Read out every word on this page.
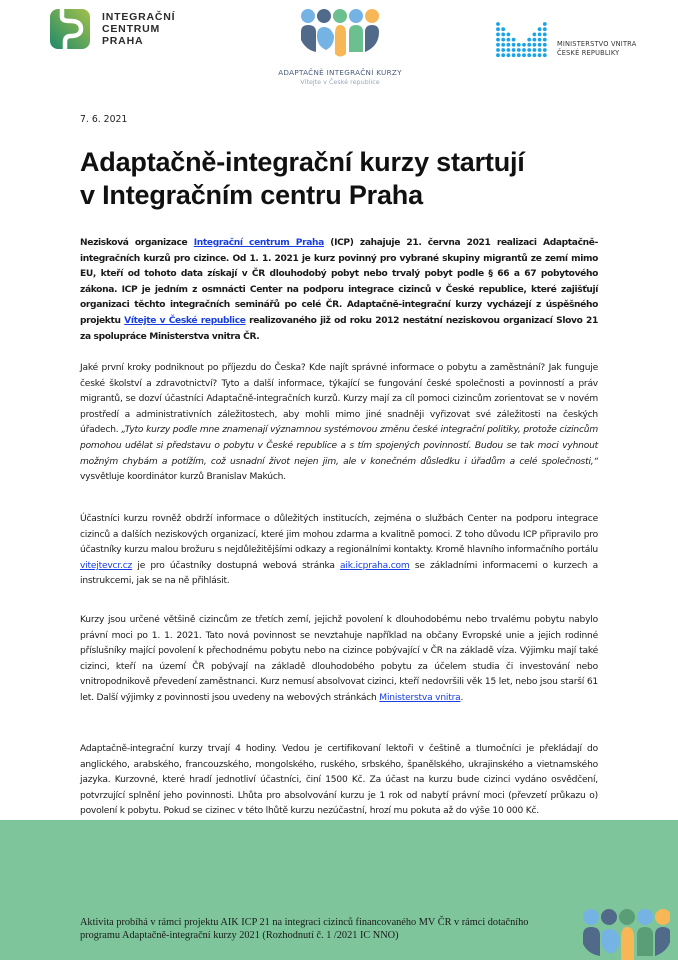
INTEGRAČNÍ
CENTRUM
PRAHA
ADAPTAČNĚ INTEGRAČNÍ KURZY
Vítejte v České republice
MINISTERSTVO VNITRA
ČESKÉ REPUBLIKY
7. 6. 2021
Adaptačně-integrační kurzy startují
v Integračním centru Praha

Nezisková organizace Integrační centrum Praha (ICP) zahajuje 21. června 2021 realizaci Adaptačně-integračních kurzů pro cizince. Od 1. 1. 2021 je kurz povinný pro vybrané skupiny migrantů ze zemí mimo EU, kteří od tohoto data získají v ČR dlouhodobý pobyt nebo trvalý pobyt podle § 66 a 67 pobytového zákona. ICP je jedním z osmnácti Center na podporu integrace cizinců v České republice, které zajišťují organizaci těchto integračních seminářů po celé ČR. Adaptačně-integrační kurzy vycházejí z úspěšného projektu Vítejte v České republice realizovaného již od roku 2012 nestátní neziskovou organizací Slovo 21 za spolupráce Ministerstva vnitra ČR.

Jaké první kroky podniknout po příjezdu do Česka? Kde najít správné informace o pobytu a zaměstnání? Jak funguje české školství a zdravotnictví? Tyto a další informace, týkající se fungování české společnosti a povinností a práv migrantů, se dozví účastníci Adaptačně-integračních kurzů. Kurzy mají za cíl pomoci cizincům zorientovat se v novém prostředí a administrativních záležitostech, aby mohli mimo jiné snadněji vyřizovat své záležitosti na českých úřadech. „Tyto kurzy podle mne znamenají významnou systémovou změnu české integrační politiky, protože cizincům pomohou udělat si představu o pobytu v České republice a s tím spojených povinností. Budou se tak moci vyhnout možným chybám a potížím, což usnadní život nejen jim, ale v konečném důsledku i úřadům a celé společnosti,“ vysvětluje koordinátor kurzů Branislav Makúch.

Účastníci kurzu rovněž obdrží informace o důležitých institucích, zejména o službách Center na podporu integrace cizinců a dalších neziskových organizací, které jim mohou zdarma a kvalitně pomoci. Z toho důvodu ICP připravilo pro účastníky kurzu malou brožuru s nejdůležitějšími odkazy a regionálními kontakty. Kromě hlavního informačního portálu vitejtevcr.cz je pro účastníky dostupná webová stránka aik.icpraha.com se základními informacemi o kurzech a instrukcemi, jak se na ně přihlásit.

Kurzy jsou určené většině cizincům ze třetích zemí, jejichž povolení k dlouhodobému nebo trvalému pobytu nabylo právní moci po 1. 1. 2021. Tato nová povinnost se nevztahuje například na občany Evropské unie a jejich rodinné příslušníky mající povolení k přechodnému pobytu nebo na cizince pobývající v ČR na základě víza. Výjimku mají také cizinci, kteří na území ČR pobývají na základě dlouhodobého pobytu za účelem studia či investování nebo vnitropodnikově převedení zaměstnanci. Kurz nemusí absolvovat cizinci, kteří nedovršili věk 15 let, nebo jsou starší 61 let. Další výjimky z povinnosti jsou uvedeny na webových stránkách Ministerstva vnitra.

Adaptačně-integrační kurzy trvají 4 hodiny. Vedou je certifikovaní lektoři v češtině a tlumočníci je překládají do anglického, arabského, francouzského, mongolského, ruského, srbského, španělského, ukrajinského a vietnamského jazyka. Kurzovné, které hradí jednotliví účastníci, činí 1500 Kč. Za účast na kurzu bude cizinci vydáno osvědčení, potvrzující splnění jeho povinnosti. Lhůta pro absolvování kurzu je 1 rok od nabytí právní moci (převzetí průkazu o) povolení k pobytu. Pokud se cizinec v této lhůtě kurzu nezúčastní, hrozí mu pokuta až do výše 10 000 Kč.

Aktivita probíhá v rámci projektu AIK ICP 21 na integraci cizinců financovaného MV ČR v rámci dotačního
programu Adaptačně-integrační kurzy 2021 (Rozhodnutí č. 1 /2021 IC NNO)
